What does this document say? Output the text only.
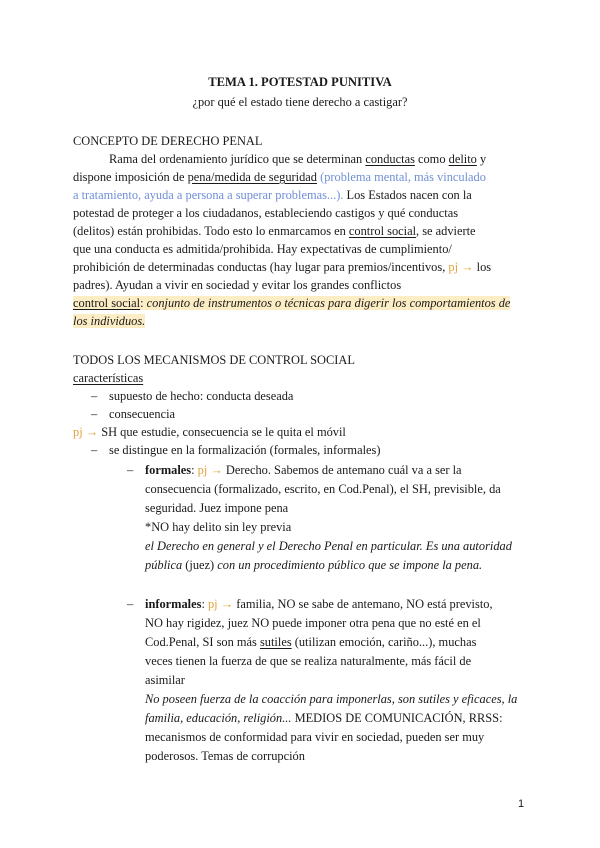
TEMA 1. POTESTAD PUNITIVA
¿por qué el estado tiene derecho a castigar?
CONCEPTO DE DERECHO PENAL
Rama del ordenamiento jurídico que se determinan conductas como delito y
dispone imposición de pena/medida de seguridad (problema mental, más vinculado
a tratamiento, ayuda a persona a superar problemas...). Los Estados nacen con la
potestad de proteger a los ciudadanos, estableciendo castigos y qué conductas
(delitos) están prohibidas. Todo esto lo enmarcamos en control social, se advierte
que una conducta es admitida/prohibida. Hay expectativas de cumplimiento/
prohibición de determinadas conductas (hay lugar para premios/incentivos, pj → los
padres). Ayudan a vivir en sociedad y evitar los grandes conflictos
control social: conjunto de instrumentos o técnicas para digerir los comportamientos de
los individuos.
TODOS LOS MECANISMOS DE CONTROL SOCIAL
características
– supuesto de hecho: conducta deseada
– consecuencia
pj → SH que estudie, consecuencia se le quita el móvil
– se distingue en la formalización (formales, informales)
– formales: pj → Derecho. Sabemos de antemano cuál va a ser la
consecuencia (formalizado, escrito, en Cod.Penal), el SH, previsible, da
seguridad. Juez impone pena
*NO hay delito sin ley previa
el Derecho en general y el Derecho Penal en particular. Es una autoridad
pública (juez) con un procedimiento público que se impone la pena.
– informales: pj → familia, NO se sabe de antemano, NO está previsto,
NO hay rigidez, juez NO puede imponer otra pena que no esté en el
Cod.Penal, SI son más sutiles (utilizan emoción, cariño...), muchas
veces tienen la fuerza de que se realiza naturalmente, más fácil de
asimilar
No poseen fuerza de la coacción para imponerlas, son sutiles y eficaces, la
familia, educación, religión... MEDIOS DE COMUNICACIÓN, RRSS:
mecanismos de conformidad para vivir en sociedad, pueden ser muy
poderosos. Temas de corrupción
1
